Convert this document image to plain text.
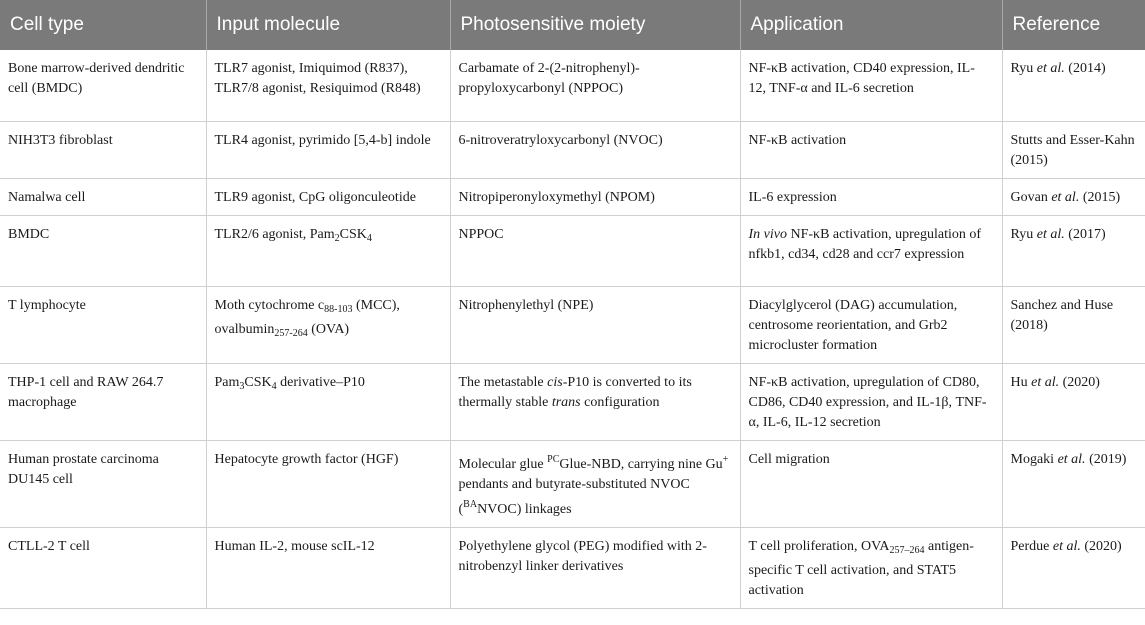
Cell type	Input molecule	Photosensitive moiety	Application	Reference
Bone marrow-derived dendritic cell (BMDC)	TLR7 agonist, Imiquimod (R837), TLR7/8 agonist, Resiquimod (R848)	Carbamate of 2-(2-nitrophenyl)-propyloxycarbonyl (NPPOC)	NF-κB activation, CD40 expression, IL-12, TNF-α and IL-6 secretion	Ryu et al. (2014)
NIH3T3 fibroblast	TLR4 agonist, pyrimido [5,4-b] indole	6-nitroveratryloxycarbonyl (NVOC)	NF-κB activation	Stutts and Esser-Kahn (2015)
Namalwa cell	TLR9 agonist, CpG oligonculeotide	Nitropiperonyloxymethyl (NPOM)	IL-6 expression	Govan et al. (2015)
BMDC	TLR2/6 agonist, $Pam_2CSK_4$	NPPOC	In vivo NF-κB activation, upregulation of nfkb1, cd34, cd28 and ccr7 expression	Ryu et al. (2017)
T lymphocyte	Moth cytochrome $c_{88-103}$ (MCC), ovalbumin$_{257-264}$ (OVA)	Nitrophenylethyl (NPE)	Diacylglycerol (DAG) accumulation, centrosome reorientation, and Grb2 microcluster formation	Sanchez and Huse (2018)
THP-1 cell and RAW 264.7 macrophage	$Pam_3CSK_4$ derivative–P10	The metastable cis-P10 is converted to its thermally stable trans configuration	NF-κB activation, upregulation of CD80, CD86, CD40 expression, and IL-1β, TNF-α, IL-6, IL-12 secretion	Hu et al. (2020)
Human prostate carcinoma DU145 cell	Hepatocyte growth factor (HGF)	Molecular glue $^{PC}$Glue-NBD, carrying nine Gu+ pendants and butyrate-substituted NVOC ($^{BA}$NVOC) linkages	Cell migration	Mogaki et al. (2019)
CTLL-2 T cell	Human IL-2, mouse scIL-12	Polyethylene glycol (PEG) modified with 2-nitrobenzyl linker derivatives	T cell proliferation, $OVA_{257-264}$ antigen-specific T cell activation, and STAT5 activation	Perdue et al. (2020)
